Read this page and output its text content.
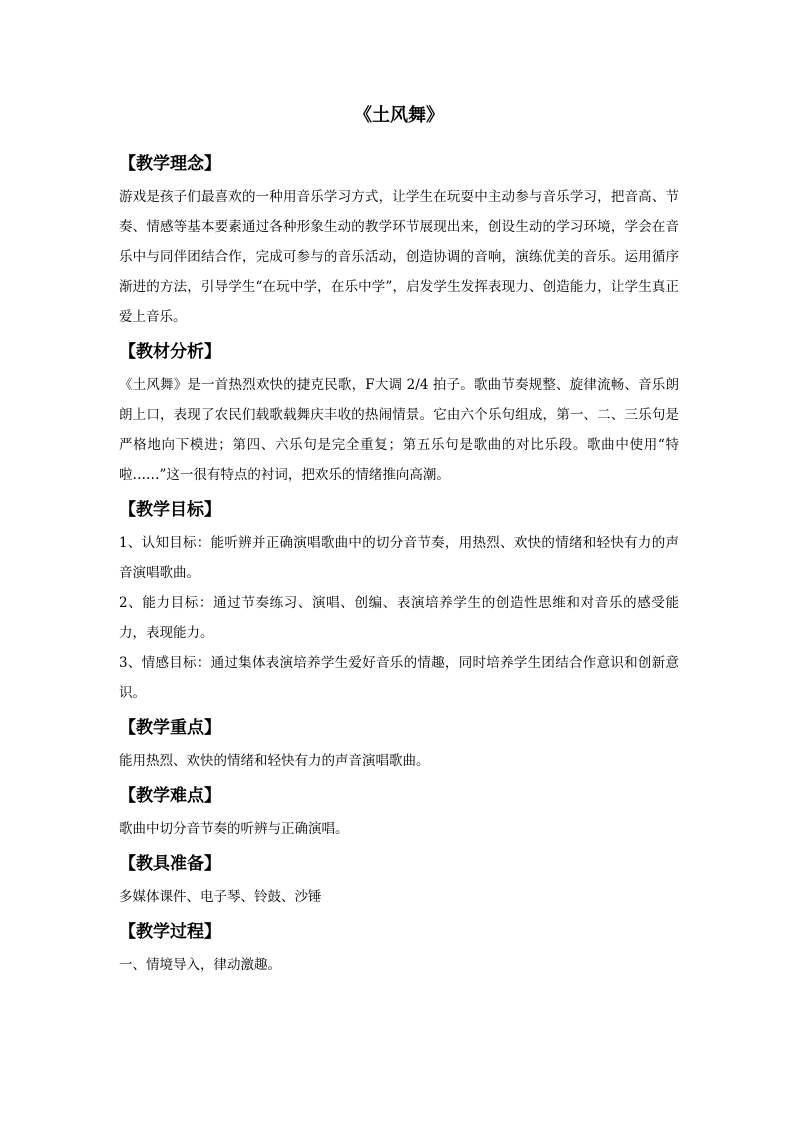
《土风舞》
【教学理念】

游戏是孩子们最喜欢的一种用音乐学习方式，让学生在玩耍中主动参与音乐学习，把音高、节奏、情感等基本要素通过各种形象生动的教学环节展现出来，创设生动的学习环境，学会在音乐中与同伴团结合作，完成可参与的音乐活动，创造协调的音响，演练优美的音乐。运用循序渐进的方法，引导学生“在玩中学，在乐中学”，启发学生发挥表现力、创造能力，让学生真正爱上音乐。

【教材分析】

《土风舞》是一首热烈欢快的捷克民歌，F大调 2/4 拍子。歌曲节奏规整、旋律流畅、音乐朗朗上口，表现了农民们载歌载舞庆丰收的热闹情景。它由六个乐句组成，第一、二、三乐句是严格地向下模进；第四、六乐句是完全重复；第五乐句是歌曲的对比乐段。歌曲中使用“特啦……”这一很有特点的衬词，把欢乐的情绪推向高潮。

【教学目标】

1、认知目标：能听辨并正确演唱歌曲中的切分音节奏，用热烈、欢快的情绪和轻快有力的声音演唱歌曲。

2、能力目标：通过节奏练习、演唱、创编、表演培养学生的创造性思维和对音乐的感受能力，表现能力。

3、情感目标：通过集体表演培养学生爱好音乐的情趣，同时培养学生团结合作意识和创新意识。

【教学重点】

能用热烈、欢快的情绪和轻快有力的声音演唱歌曲。

【教学难点】

歌曲中切分音节奏的听辨与正确演唱。

【教具准备】

多媒体课件、电子琴、铃鼓、沙锤

【教学过程】

一、情境导入，律动激趣。
